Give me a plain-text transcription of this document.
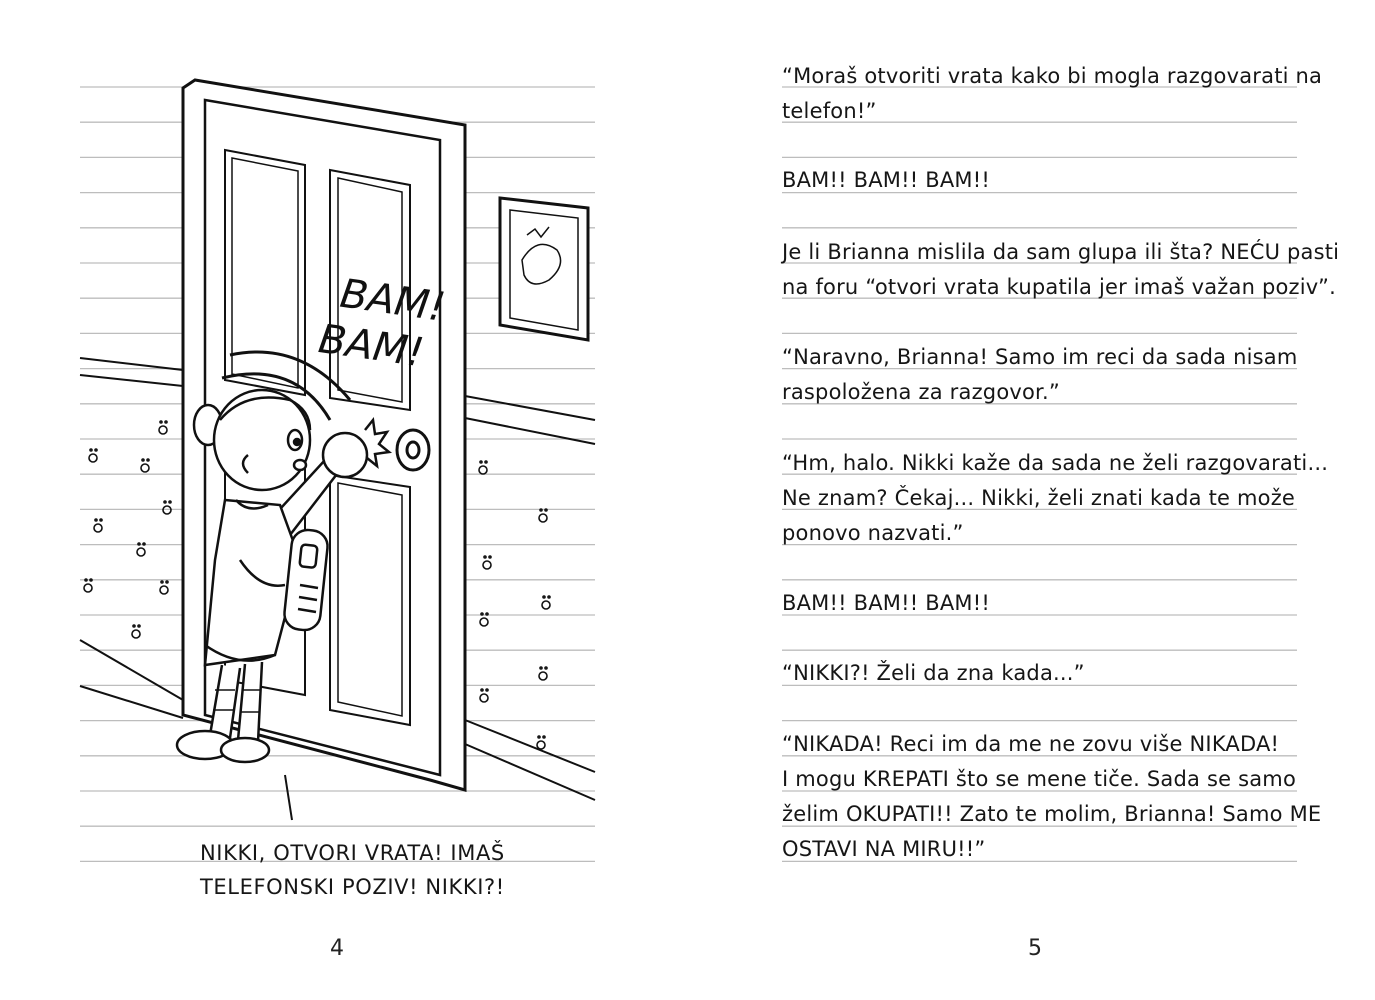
BAM!
BAM!
NIKKI, OTVORI VRATA! IMAŠ
TELEFONSKI POZIV! NIKKI?!
4
“Moraš otvoriti vrata kako bi mogla razgovarati na
telefon!”
BAM!! BAM!! BAM!!
Je li Brianna mislila da sam glupa ili šta? NEĆU pasti
na foru “otvori vrata kupatila jer imaš važan poziv”.
“Naravno, Brianna! Samo im reci da sada nisam
raspoložena za razgovor.”
“Hm, halo. Nikki kaže da sada ne želi razgovarati...
Ne znam? Čekaj... Nikki, želi znati kada te može
ponovo nazvati.”
BAM!! BAM!! BAM!!
“NIKKI?! Želi da zna kada...”
“NIKADA! Reci im da me ne zovu više NIKADA!
I mogu KREPATI što se mene tiče. Sada se samo
želim OKUPATI!! Zato te molim, Brianna! Samo ME
OSTAVI NA MIRU!!”
5
